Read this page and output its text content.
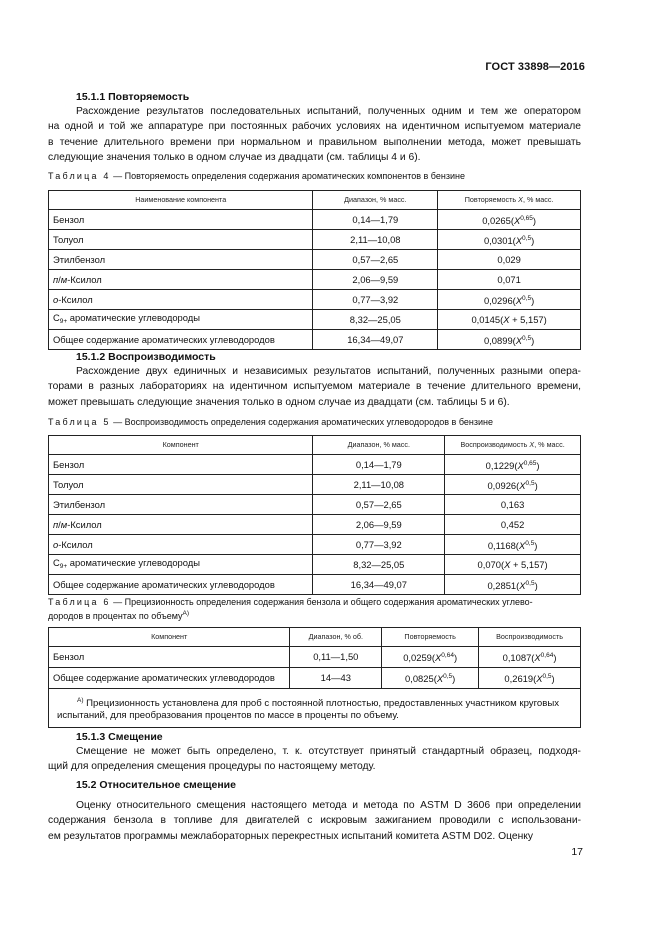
ГОСТ 33898—2016
15.1.1 Повторяемость
Расхождение результатов последовательных испытаний, полученных одним и тем же оператором
на одной и той же аппаратуре при постоянных рабочих условиях на идентичном испытуемом материале
в течение длительного времени при нормальном и правильном выполнении метода, может превышать
следующие значения только в одном случае из двадцати (см. таблицы 4 и 6).
Таблица 4 — Повторяемость определения содержания ароматических компонентов в бензине
Наименование компонента	Диапазон, % масс.	Повторяемость X, % масс.
Бензол	0,14—1,79	$0,0265(X^{0,65})$
Толуол	2,11—10,08	$0,0301(X^{0,5})$
Этилбензол	0,57—2,65	0,029
п/м-Ксилол	2,06—9,59	0,071
о-Ксилол	0,77—3,92	$0,0296(X^{0,5})$
$C_{9+}$ ароматические углеводороды	8,32—25,05	0,0145(X + 5,157)
Общее содержание ароматических углеводородов	16,34—49,07	$0,0899(X^{0,5})$
15.1.2 Воспроизводимость
Расхождение двух единичных и независимых результатов испытаний, полученных разными опера-
торами в разных лабораториях на идентичном испытуемом материале в течение длительного времени,
может превышать следующие значения только в одном случае из двадцати (см. таблицы 5 и 6).
Таблица 5 — Воспроизводимость определения содержания ароматических углеводородов в бензине
Компонент	Диапазон, % масс.	Воспроизводимость X, % масс.
Бензол	0,14—1,79	$0,1229(X^{0,65})$
Толуол	2,11—10,08	$0,0926(X^{0,5})$
Этилбензол	0,57—2,65	0,163
п/м-Ксилол	2,06—9,59	0,452
о-Ксилол	0,77—3,92	$0,1168(X^{0,5})$
$C_{9+}$ ароматические углеводороды	8,32—25,05	0,070(X + 5,157)
Общее содержание ароматических углеводородов	16,34—49,07	$0,2851(X^{0,5})$
Таблица 6 — Прецизионность определения содержания бензола и общего содержания ароматических углево-
дородов в процентах по объему$^{A)}$
Компонент	Диапазон, % об.	Повторяемость	Воспроизводимость
Бензол	0,11—1,50	$0,0259(X^{0,64})$	$0,1087(X^{0,64})$
Общее содержание ароматических углеводородов	14—43	$0,0825(X^{0,5})$	$0,2619(X^{0,5})$

$^{A)}$ Прецизионность установлена для проб с постоянной плотностью, предоставленных участником круговых
испытаний, для преобразования процентов по массе в проценты по объему.			
15.1.3 Смещение
Смещение не может быть определено, т. к. отсутствует принятый стандартный образец, подходя-
щий для определения смещения процедуры по настоящему методу.
15.2 Относительное смещение
Оценку относительного смещения настоящего метода и метода по ASTM D 3606 при определении
содержания бензола в топливе для двигателей с искровым зажиганием проводили с использовани-
ем результатов программы межлабораторных перекрестных испытаний комитета ASTM D02. Оценку
17
